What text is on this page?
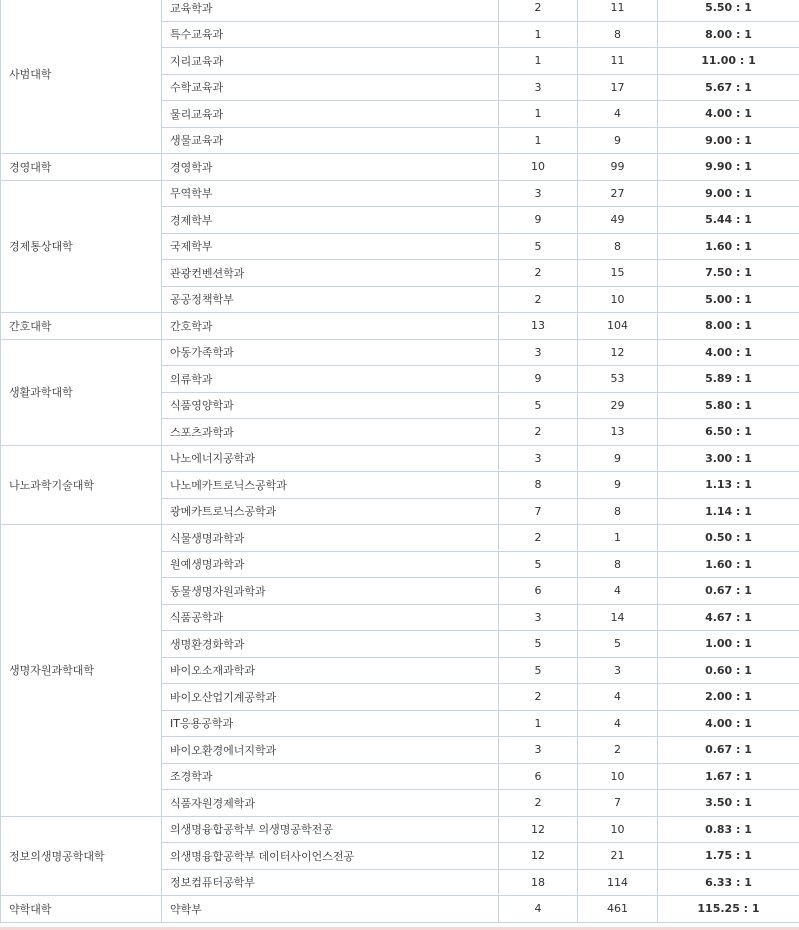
사범대학	교육학과	2	11	5.50 : 1
	특수교육과	1	8	8.00 : 1
	지리교육과	1	11	11.00 : 1
	수학교육과	3	17	5.67 : 1
	물리교육과	1	4	4.00 : 1
	생물교육과	1	9	9.00 : 1
경영대학	경영학과	10	99	9.90 : 1
경제통상대학	무역학부	3	27	9.00 : 1
	경제학부	9	49	5.44 : 1
	국제학부	5	8	1.60 : 1
	관광컨벤션학과	2	15	7.50 : 1
	공공정책학부	2	10	5.00 : 1
간호대학	간호학과	13	104	8.00 : 1
생활과학대학	아동가족학과	3	12	4.00 : 1
	의류학과	9	53	5.89 : 1
	식품영양학과	5	29	5.80 : 1
	스포츠과학과	2	13	6.50 : 1
나노과학기술대학	나노에너지공학과	3	9	3.00 : 1
	나노메카트로닉스공학과	8	9	1.13 : 1
	광메카트로닉스공학과	7	8	1.14 : 1
생명자원과학대학	식물생명과학과	2	1	0.50 : 1
	원예생명과학과	5	8	1.60 : 1
	동물생명자원과학과	6	4	0.67 : 1
	식품공학과	3	14	4.67 : 1
	생명환경화학과	5	5	1.00 : 1
	바이오소재과학과	5	3	0.60 : 1
	바이오산업기계공학과	2	4	2.00 : 1
	IT응용공학과	1	4	4.00 : 1
	바이오환경에너지학과	3	2	0.67 : 1
	조경학과	6	10	1.67 : 1
	식품자원경제학과	2	7	3.50 : 1
정보의생명공학대학	의생명융합공학부 의생명공학전공	12	10	0.83 : 1
	의생명융합공학부 데이터사이언스전공	12	21	1.75 : 1
	정보컴퓨터공학부	18	114	6.33 : 1
약학대학	약학부	4	461	115.25 : 1
